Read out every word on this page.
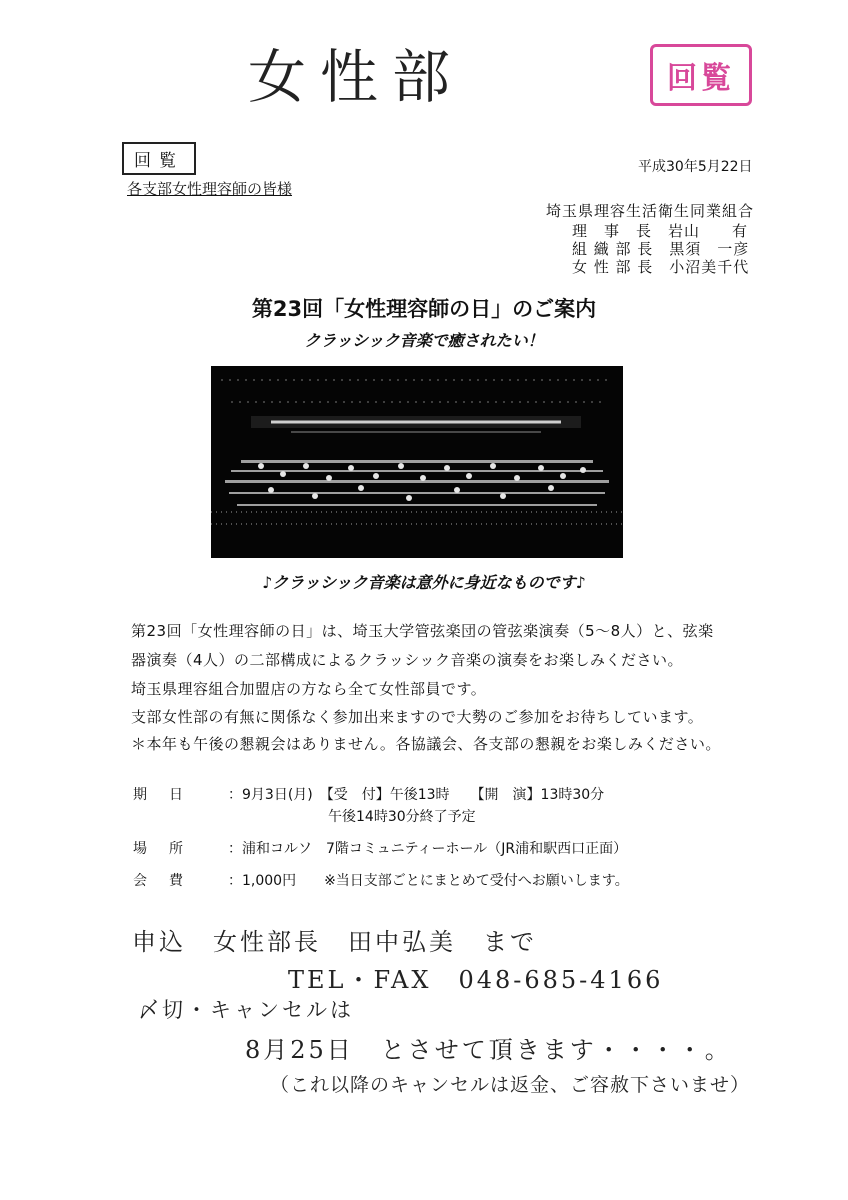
女性部	回覧
回覧
各支部女性理容師の皆様
平成30年5月22日
埼玉県理容生活衛生同業組合
理　事　長　岩山　　有
組 織 部 長　黒須　一彦
女 性 部 長　小沼美千代
第23回「女性理容師の日」のご案内
クラッシック音楽で癒されたい！
♪クラッシック音楽は意外に身近なものです♪
第23回「女性理容師の日」は、埼玉大学管弦楽団の管弦楽演奏（5～8人）と、弦楽
器演奏（4人）の二部構成によるクラッシック音楽の演奏をお楽しみください。
埼玉県理容組合加盟店の方なら全て女性部員です。
支部女性部の有無に関係なく参加出来ますので大勢のご参加をお待ちしています。
＊本年も午後の懇親会はありません。各協議会、各支部の懇親をお楽しみください。
期日 ：9月3日(月)　【受　付】午後13時　　【開　演】13時30分
午後14時30分終了予定
場所 ：浦和コルソ　7階コミュニティーホール（JR浦和駅西口正面）
会費 ：1,000円　　※当日支部ごとにまとめて受付へお願いします。
申込　女性部長　田中弘美　まで
TEL・FAX　048-685-4166
〆切・キャンセルは
8月25日　とさせて頂きます・・・・。
（これ以降のキャンセルは返金、ご容赦下さいませ）
